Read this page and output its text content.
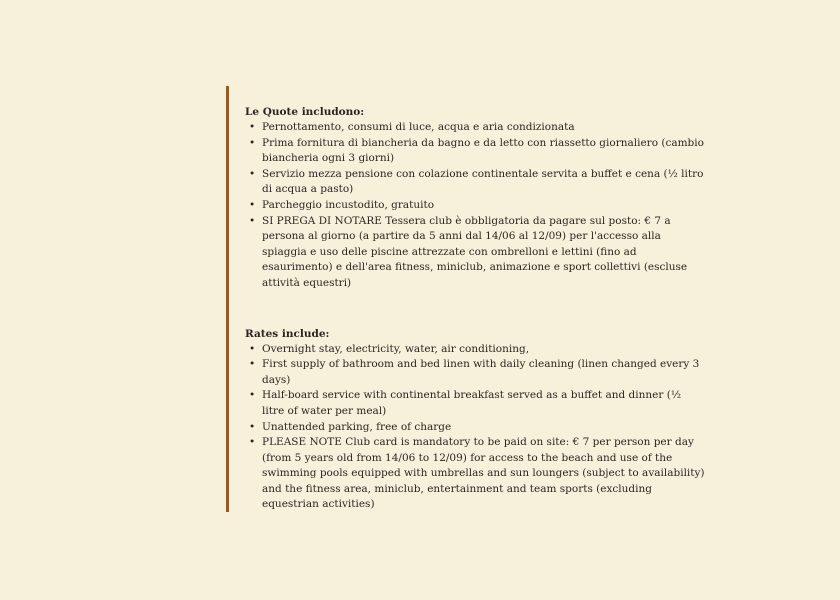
Le Quote includono:
• Pernottamento, consumi di luce, acqua e aria condizionata
• Prima fornitura di biancheria da bagno e da letto con riassetto giornaliero (cambio biancheria ogni 3 giorni)
• Servizio mezza pensione con colazione continentale servita a buffet e cena (½ litro di acqua a pasto)
• Parcheggio incustodito, gratuito
• SI PREGA DI NOTARE Tessera club è obbligatoria da pagare sul posto: € 7 a persona al giorno (a partire da 5 anni dal 14/06 al 12/09) per l'accesso alla spiaggia e uso delle piscine attrezzate con ombrelloni e lettini (fino ad esaurimento) e dell'area fitness, miniclub, animazione e sport collettivi (escluse attività equestri)
Rates include:
• Overnight stay, electricity, water, air conditioning,
• First supply of bathroom and bed linen with daily cleaning (linen changed every 3 days)
• Half-board service with continental breakfast served as a buffet and dinner (½ litre of water per meal)
• Unattended parking, free of charge
• PLEASE NOTE Club card is mandatory to be paid on site: € 7 per person per day (from 5 years old from 14/06 to 12/09) for access to the beach and use of the swimming pools equipped with umbrellas and sun loungers (subject to availability) and the fitness area, miniclub, entertainment and team sports (excluding equestrian activities)
